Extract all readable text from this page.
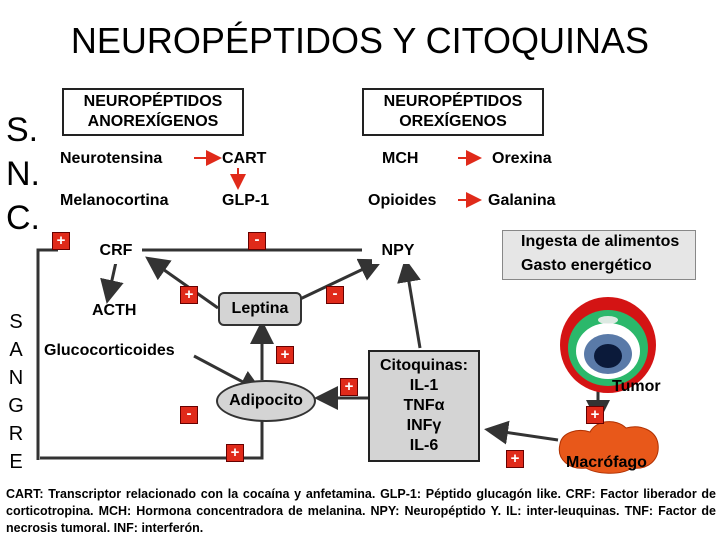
NEUROPÉPTIDOS Y CITOQUINAS
S.
N.
C.
S
A
N
G
R
E
NEUROPÉPTIDOS
ANOREXÍGENOS
NEUROPÉPTIDOS
OREXÍGENOS
Neurotensina	CART	MCH	Orexina
Melanocortina	GLP-1	Opioides	Galanina
CRF	NPY
Ingesta de alimentos
Gasto energético
ACTH
Glucocorticoides
Leptina
Adipocito
Citoquinas:
IL-1
TNFα
INFγ
IL-6
Tumor
Macrófago
+	-
+	-
+
+
-
+	+
+
CART: Transcriptor relacionado con la cocaína y anfetamina. GLP-1: Péptido glucagón like. CRF: Factor liberador de corticotropina. MCH: Hormona concentradora de melanina. NPY: Neuropéptido Y. IL: inter-leuquinas. TNF: Factor de necrosis tumoral. INF: interferón.
